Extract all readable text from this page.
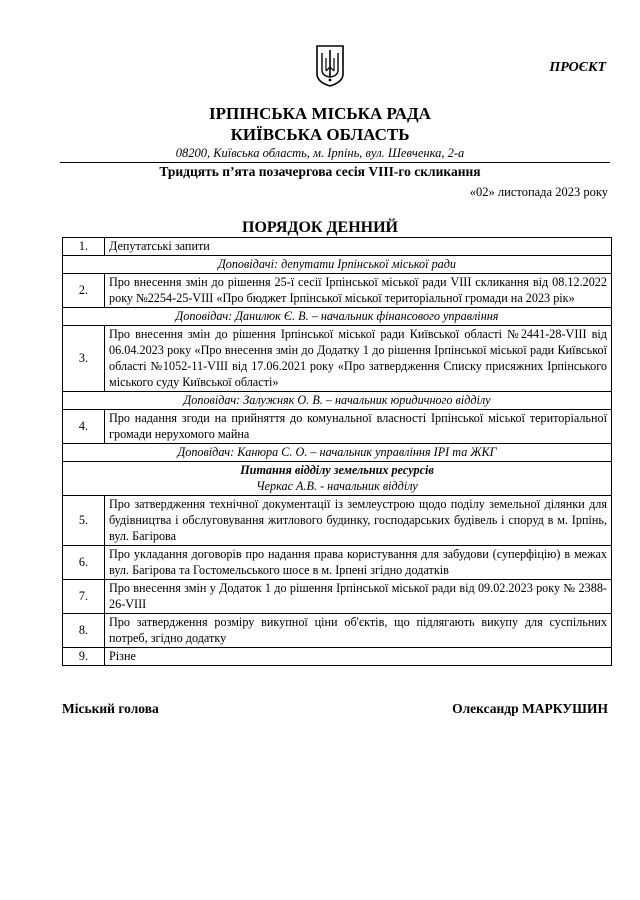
ПРОЄКТ
ІРПІНСЬКА МІСЬКА РАДА
КИЇВСЬКА ОБЛАСТЬ
08200, Київська область, м. Ірпінь, вул. Шевченка, 2-а
Тридцять п’ята позачергова сесія VIII-го скликання
«02» листопада 2023 року
ПОРЯДОК ДЕННИЙ
1.	Депутатські запити
Доповідачі: депутати Ірпінської міської ради	
2.	Про внесення змін до рішення 25-ї сесії Ірпінської міської ради VIII скликання від 08.12.2022 року №2254-25-VIII «Про бюджет Ірпінської міської територіальної громади на 2023 рік»
Доповідач: Данилюк Є. В. – начальник фінансового управління	
3.	Про внесення змін до рішення Ірпінської міської ради Київської області №2441-28-VIII від 06.04.2023 року «Про внесення змін до Додатку 1 до рішення Ірпінської міської ради Київської області №1052-11-VIII від 17.06.2021 року «Про затвердження Списку присяжних Ірпінського міського суду Київської області»
Доповідач: Залужняк О. В. – начальник юридичного відділу	
4.	Про надання згоди на прийняття до комунальної власності Ірпінської міської територіальної громади нерухомого майна
Доповідач: Канюра С. О. – начальник управління ІРІ та ЖКГ	

Питання відділу земельних ресурсів
Черкас А.В. - начальник відділу	

5.	Про затвердження технічної документації із землеустрою щодо поділу земельної ділянки для будівництва і обслуговування житлового будинку, господарських будівель і споруд в м. Ірпінь, вул. Багірова
6.	Про укладання договорів про надання права користування для забудови (суперфіцію) в межах вул. Багірова та Гостомельського шосе в м. Ірпені згідно додатків
7.	Про внесення змін у Додаток 1 до рішення Ірпінської міської ради від 09.02.2023 року № 2388-26-VIII
8.	Про затвердження розміру викупної ціни об'єктів, що підлягають викупу для суспільних потреб, згідно додатку
9.	Різне
Міський голова	Олександр МАРКУШИН
